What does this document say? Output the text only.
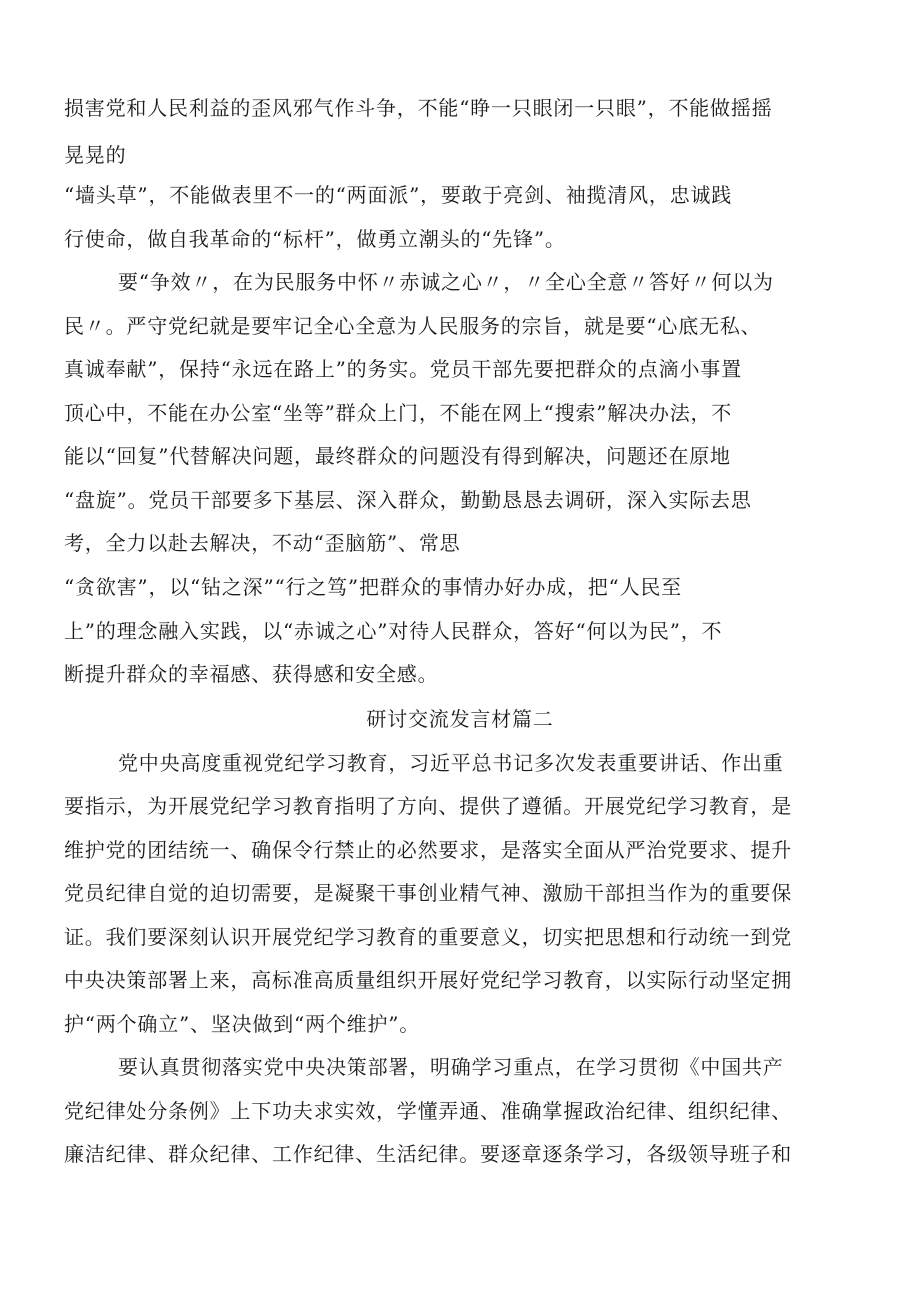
损害党和人民利益的歪风邪气作斗争，不能“睁一只眼闭一只眼”，不能做摇摇
晃晃的
“墙头草”，不能做表里不一的“两面派”，要敢于亮剑、袖揽清风，忠诚践
行使命，做自我革命的“标杆”，做勇立潮头的“先锋”。
要“争效〃，在为民服务中怀〃赤诚之心〃，〃全心全意〃答好〃何以为
民〃。严守党纪就是要牢记全心全意为人民服务的宗旨，就是要“心底无私、
真诚奉献”，保持“永远在路上”的务实。党员干部先要把群众的点滴小事置
顶心中，不能在办公室“坐等”群众上门，不能在网上“搜索”解决办法，不
能以“回复”代替解决问题，最终群众的问题没有得到解决，问题还在原地
“盘旋”。党员干部要多下基层、深入群众，勤勤恳恳去调研，深入实际去思
考，全力以赴去解决，不动“歪脑筋”、常思
“贪欲害”，以“钻之深”“行之笃”把群众的事情办好办成，把“人民至
上”的理念融入实践，以“赤诚之心”对待人民群众，答好“何以为民”，不
断提升群众的幸福感、获得感和安全感。
研讨交流发言材篇二
党中央高度重视党纪学习教育，习近平总书记多次发表重要讲话、作出重
要指示，为开展党纪学习教育指明了方向、提供了遵循。开展党纪学习教育，是
维护党的团结统一、确保令行禁止的必然要求，是落实全面从严治党要求、提升
党员纪律自觉的迫切需要，是凝聚干事创业精气神、激励干部担当作为的重要保
证。我们要深刻认识开展党纪学习教育的重要意义，切实把思想和行动统一到党
中央决策部署上来，高标准高质量组织开展好党纪学习教育，以实际行动坚定拥
护“两个确立”、坚决做到“两个维护”。
要认真贯彻落实党中央决策部署，明确学习重点，在学习贯彻《中国共产
党纪律处分条例》上下功夫求实效，学懂弄通、准确掌握政治纪律、组织纪律、
廉洁纪律、群众纪律、工作纪律、生活纪律。要逐章逐条学习，各级领导班子和
